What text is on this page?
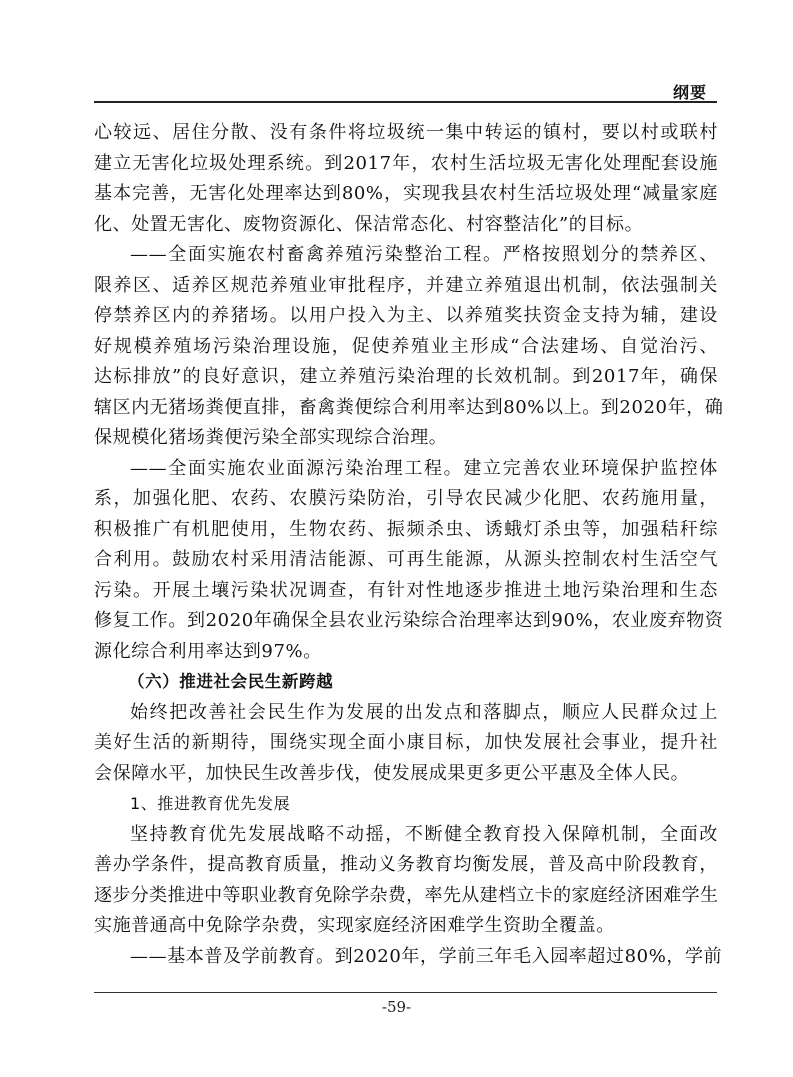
纲要
心较远、居住分散、没有条件将垃圾统一集中转运的镇村，要以村或联村
建立无害化垃圾处理系统。到2017年，农村生活垃圾无害化处理配套设施
基本完善，无害化处理率达到80%，实现我县农村生活垃圾处理“减量家庭
化、处置无害化、废物资源化、保洁常态化、村容整洁化”的目标。
——全面实施农村畜禽养殖污染整治工程。严格按照划分的禁养区、
限养区、适养区规范养殖业审批程序，并建立养殖退出机制，依法强制关
停禁养区内的养猪场。以用户投入为主、以养殖奖扶资金支持为辅，建设
好规模养殖场污染治理设施，促使养殖业主形成“合法建场、自觉治污、
达标排放”的良好意识，建立养殖污染治理的长效机制。到2017年，确保
辖区内无猪场粪便直排，畜禽粪便综合利用率达到80%以上。到2020年，确
保规模化猪场粪便污染全部实现综合治理。
——全面实施农业面源污染治理工程。建立完善农业环境保护监控体
系，加强化肥、农药、农膜污染防治，引导农民减少化肥、农药施用量，
积极推广有机肥使用，生物农药、振频杀虫、诱蛾灯杀虫等，加强秸秆综
合利用。鼓励农村采用清洁能源、可再生能源，从源头控制农村生活空气
污染。开展土壤污染状况调查，有针对性地逐步推进土地污染治理和生态
修复工作。到2020年确保全县农业污染综合治理率达到90%，农业废弃物资
源化综合利用率达到97%。
（六）推进社会民生新跨越
始终把改善社会民生作为发展的出发点和落脚点，顺应人民群众过上
美好生活的新期待，围绕实现全面小康目标，加快发展社会事业，提升社
会保障水平，加快民生改善步伐，使发展成果更多更公平惠及全体人民。
1、推进教育优先发展
坚持教育优先发展战略不动摇，不断健全教育投入保障机制，全面改
善办学条件，提高教育质量，推动义务教育均衡发展，普及高中阶段教育，
逐步分类推进中等职业教育免除学杂费，率先从建档立卡的家庭经济困难学生
实施普通高中免除学杂费，实现家庭经济困难学生资助全覆盖。
——基本普及学前教育。到2020年，学前三年毛入园率超过80%，学前
-59-
